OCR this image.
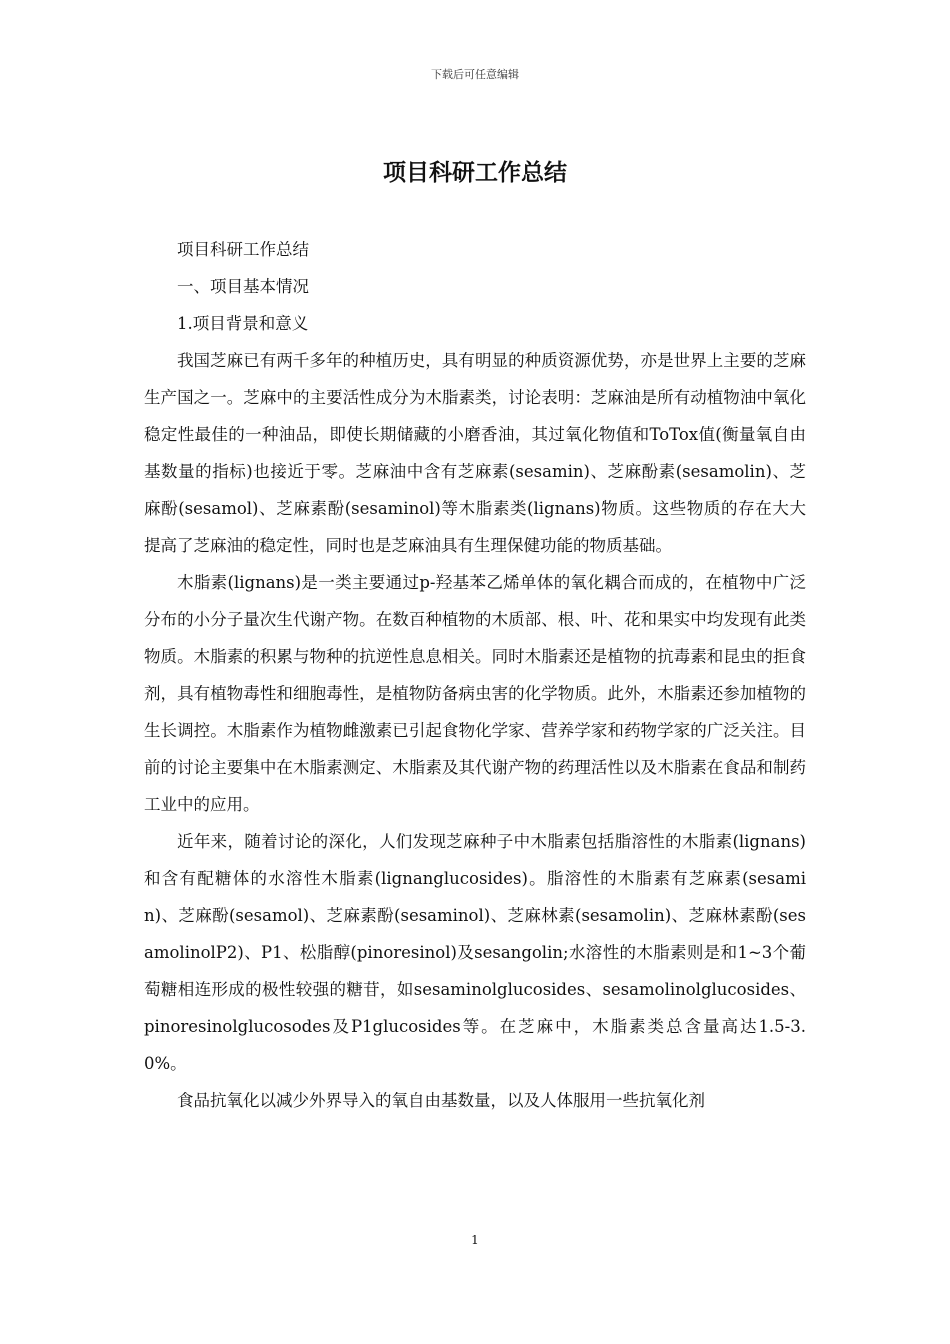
下载后可任意编辑
项目科研工作总结

项目科研工作总结

一、项目基本情况

1.项目背景和意义

我国芝麻已有两千多年的种植历史，具有明显的种质资源优势，亦是世界上主要的芝麻生产国之一。芝麻中的主要活性成分为木脂素类，讨论表明：芝麻油是所有动植物油中氧化稳定性最佳的一种油品，即使长期储藏的小磨香油，其过氧化物值和ToTox值(衡量氧自由基数量的指标)也接近于零。芝麻油中含有芝麻素(sesamin)、芝麻酚素(sesamolin)、芝麻酚(sesamol)、芝麻素酚(sesaminol)等木脂素类(lignans)物质。这些物质的存在大大提高了芝麻油的稳定性，同时也是芝麻油具有生理保健功能的物质基础。

木脂素(lignans)是一类主要通过p-羟基苯乙烯单体的氧化耦合而成的，在植物中广泛分布的小分子量次生代谢产物。在数百种植物的木质部、根、叶、花和果实中均发现有此类物质。木脂素的积累与物种的抗逆性息息相关。同时木脂素还是植物的抗毒素和昆虫的拒食剂，具有植物毒性和细胞毒性，是植物防备病虫害的化学物质。此外，木脂素还参加植物的生长调控。木脂素作为植物雌激素已引起食物化学家、营养学家和药物学家的广泛关注。目前的讨论主要集中在木脂素测定、木脂素及其代谢产物的药理活性以及木脂素在食品和制药工业中的应用。

近年来，随着讨论的深化，人们发现芝麻种子中木脂素包括脂溶性的木脂素(lignans)和含有配糖体的水溶性木脂素(lignanglucosides)。脂溶性的木脂素有芝麻素(sesamin)、芝麻酚(sesamol)、芝麻素酚(sesaminol)、芝麻林素(sesamolin)、芝麻林素酚(sesamolinolP2)、P1、松脂醇(pinoresinol)及sesangolin;水溶性的木脂素则是和1~3个葡萄糖相连形成的极性较强的糖苷，如sesaminolglucosides、sesamolinolglucosides、pinoresinolglucosodes及P1glucosides等。在芝麻中，木脂素类总含量高达1.5-3.0%。

食品抗氧化以减少外界导入的氧自由基数量，以及人体服用一些抗氧化剂

1
